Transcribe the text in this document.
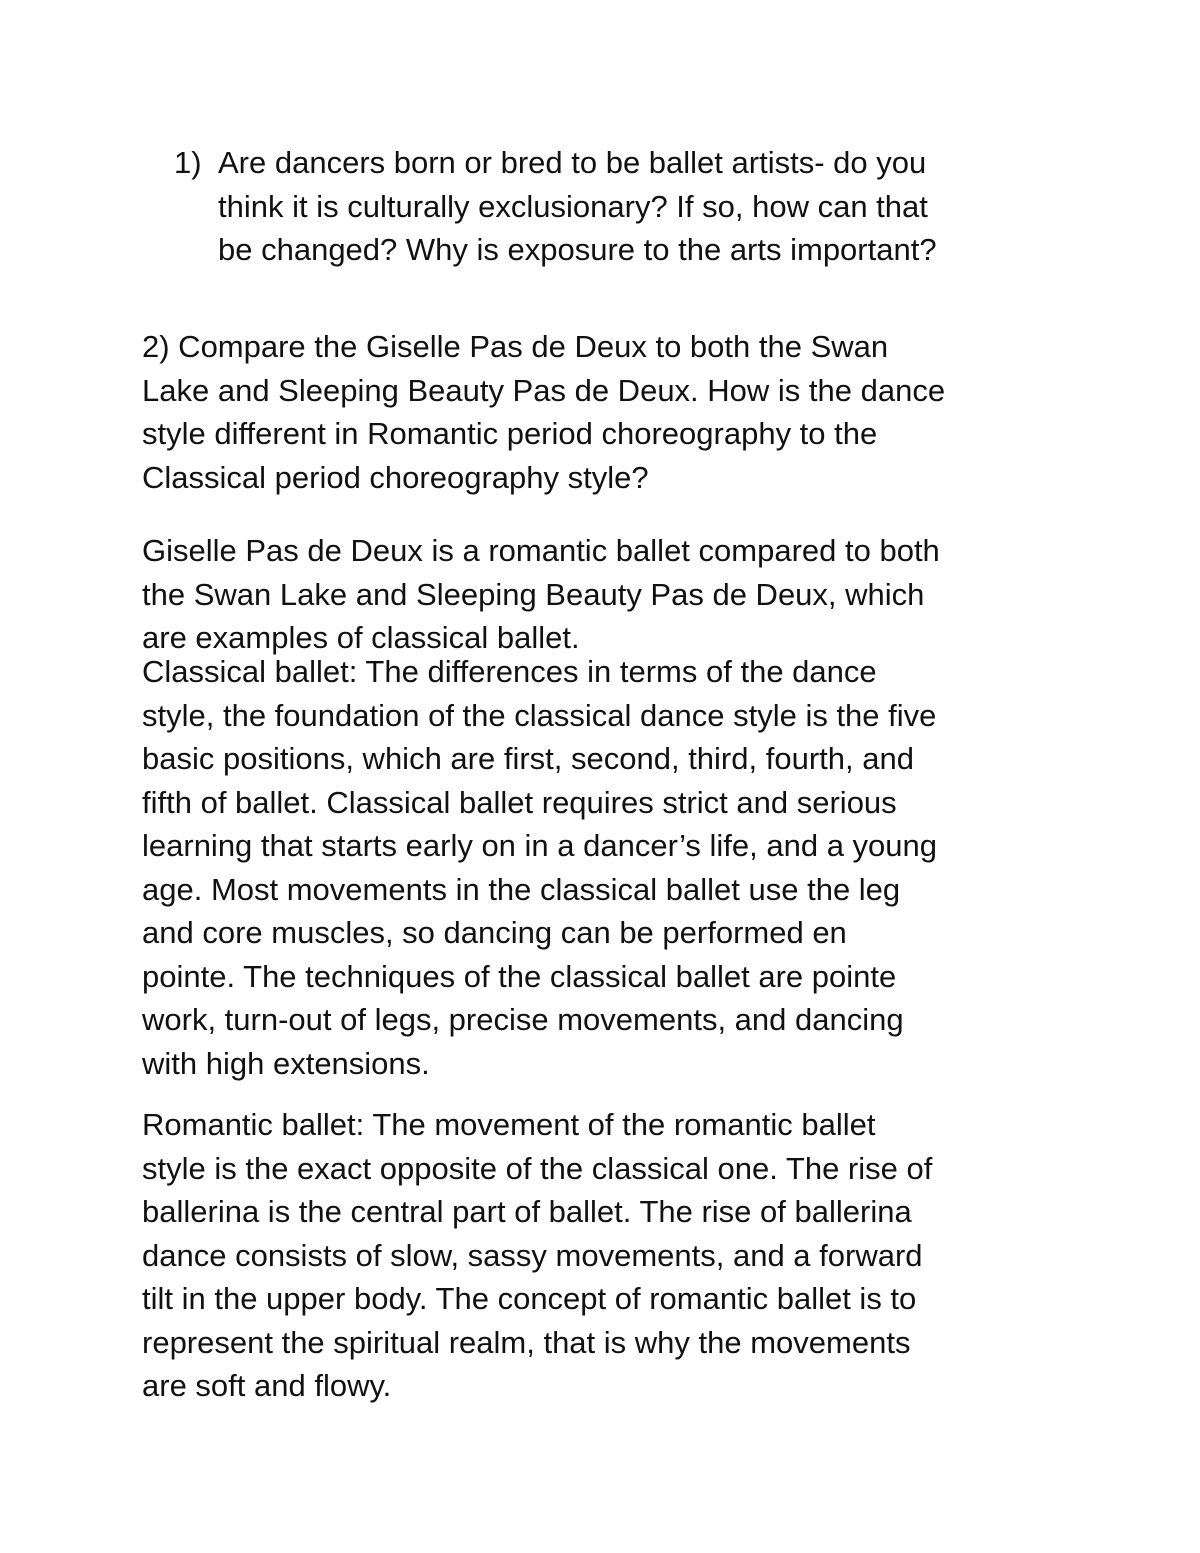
1) Are dancers born or bred to be ballet artists- do you
think it is culturally exclusionary? If so, how can that
be changed? Why is exposure to the arts important?
2) Compare the Giselle Pas de Deux to both the Swan
Lake and Sleeping Beauty Pas de Deux. How is the dance
style different in Romantic period choreography to the
Classical period choreography style?
Giselle Pas de Deux is a romantic ballet compared to both
the Swan Lake and Sleeping Beauty Pas de Deux, which
are examples of classical ballet.
Classical ballet: The differences in terms of the dance
style, the foundation of the classical dance style is the five
basic positions, which are first, second, third, fourth, and
fifth of ballet. Classical ballet requires strict and serious
learning that starts early on in a dancer’s life, and a young
age. Most movements in the classical ballet use the leg
and core muscles, so dancing can be performed en
pointe. The techniques of the classical ballet are pointe
work, turn-out of legs, precise movements, and dancing
with high extensions.
Romantic ballet: The movement of the romantic ballet
style is the exact opposite of the classical one. The rise of
ballerina is the central part of ballet. The rise of ballerina
dance consists of slow, sassy movements, and a forward
tilt in the upper body. The concept of romantic ballet is to
represent the spiritual realm, that is why the movements
are soft and flowy.
